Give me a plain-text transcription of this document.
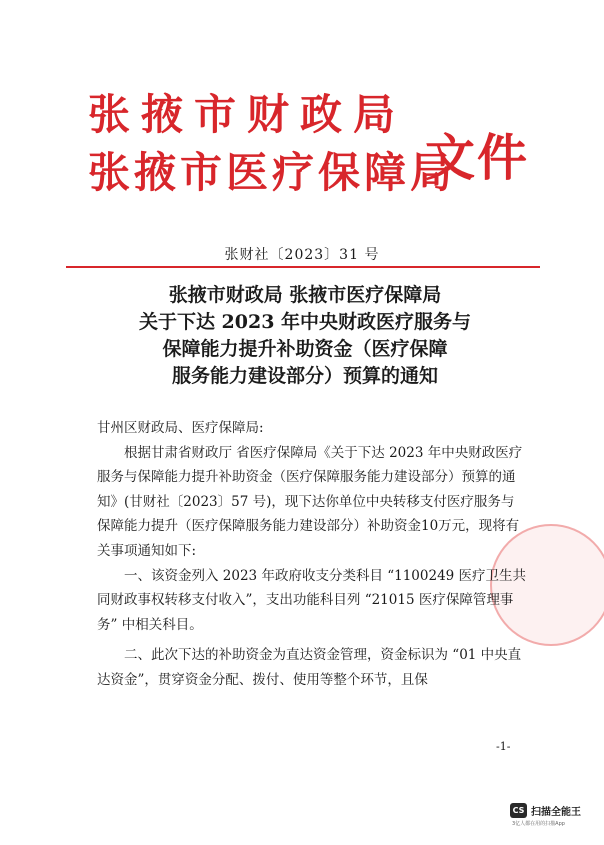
张掖市财政局
张掖市医疗保障局
文件
张财社〔2023〕31 号
张掖市财政局 张掖市医疗保障局
关于下达 2023 年中央财政医疗服务与
保障能力提升补助资金（医疗保障
服务能力建设部分）预算的通知

甘州区财政局、医疗保障局:

根据甘肃省财政厅 省医疗保障局《关于下达 2023 年中央财政医疗服务与保障能力提升补助资金（医疗保障服务能力建设部分）预算的通知》(甘财社〔2023〕57 号)，现下达你单位中央转移支付医疗服务与保障能力提升（医疗保障服务能力建设部分）补助资金10万元，现将有关事项通知如下:

一、该资金列入 2023 年政府收支分类科目 “1100249 医疗卫生共同财政事权转移支付收入”，支出功能科目列 “21015 医疗保障管理事务” 中相关科目。

二、此次下达的补助资金为直达资金管理，资金标识为 “01 中央直达资金”，贯穿资金分配、拨付、使用等整个环节，且保

-1-
CS 扫描全能王
3亿人都在用的扫描App
